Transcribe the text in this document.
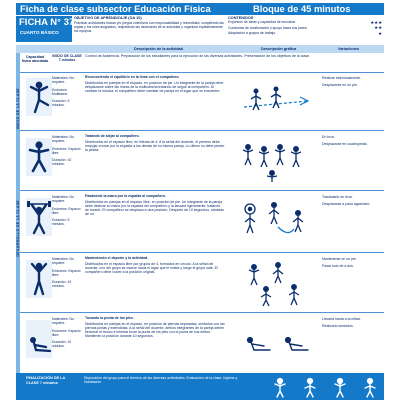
Ficha de clase subsector Educación Física	Bloque de 45 minutos
FICHA N° 37
CUARTO BÁSICO
OBJETIVO DE APRENDIZAJE (OA 10)
Practicar actividades físicas y/o juegos colectivos con responsabilidad y honestidad, cumpliendo las reglas y los roles asignados, respetando las decisiones de la autoridad y organizar equitativamente los equipos.
CONTENIDOS
Expresión de ideas y capacidad de escuchar.	★★★
Conductas de colaboración y apoyo hacia sus pares.	★★
Adaptación a grupos de trabajo.	★
Descripción de la actividad	Descripción gráfica	Variaciones
INICIO DE LA CLASE
DESARROLLO DE LA CLASE
Capacidad física abordada
INICIO DE CLASE 7 minutos
Control de Asistencia. Preparación de los estudiantes para la ejecución de las diversas actividades. Presentación de los objetivos de la clase.
Materiales: No requiere.
Endurece: Multitarea.
Duración: 5 minutos.
Reconociendo el equilibrio en la línea con el compañero.
Distribuidos en parejas en el espacio, en posición de pie. Un integrante de la pareja debe desplazarse sobre las líneas de la multicancha tratando de seguir al compañero. Al cambiar la música, el compañero debe cambiar de pareja en el lugar que se encuentre.
Realizar individualmente.
Desplazarse en un pie.
Materiales: No requiere.
Endurece: Espacio libre.
Duración: 10 minutos.
Tratando de alejar al compañero.
Distribuidos en el espacio libre, en hileras de 4. A la señal del docente, el primero debe empujar a tocar por la espalda a los demás de su misma pareja. Lo último no debe perder la pelota.
En tríos.
Desplazarse en cuadrupedia.
Materiales: No requiere.
Endurece: Espacio libre.
Duración: 5 minutos.
Pasándole la mano por la espalda al compañero.
Distribuidos en parejas en el espacio libre, en posición de pie. Un integrante de la pareja debe deslizar su mano por la espalda del compañero y la lanzará ligeramente, tratando de tocarlo. El compañero se desplaza a otra posición. Después de 10 segundos, cambian de rol.
Trasladarlo en tríos.
Desplazarse a paso agachado.
Materiales: No requiere.
Endurece: Espacio libre.
Duración: 10 minutos.
Manteniendo el deporte y la actividad.
Distribuidos en el espacio libre por grupos de 4, formados en círculo. A la señal del docente, uno del grupo se mueve hacia el lugar que le indica y luego el grupo sale. El compañero debe volver a la posición original.
Mantenerse en un pie.
Pasar solo de a dos.
Materiales: No requiere.
Endurece: Espacio libre.
Duración: 10 minutos.
Tocando la punta de los pies.
Distribuidos en parejas en el espacio, en posición de piernas separadas, sentados con las piernas juntas y extendidas. A la señal del docente, ambos integrantes de la pareja deben flexionar el tronco e intentar tocar la punta de los pies con la punta de sus dedos. Mantienen la posición durante 10 segundos.
Llevarla hasta a la mitad.
Realizarlo sentados.
FINALIZACIÓN DE LA CLASE 7 minutos
Disposición del grupo para el término de las diversas actividades. Evaluación de la clase, higiene y hidratación.
